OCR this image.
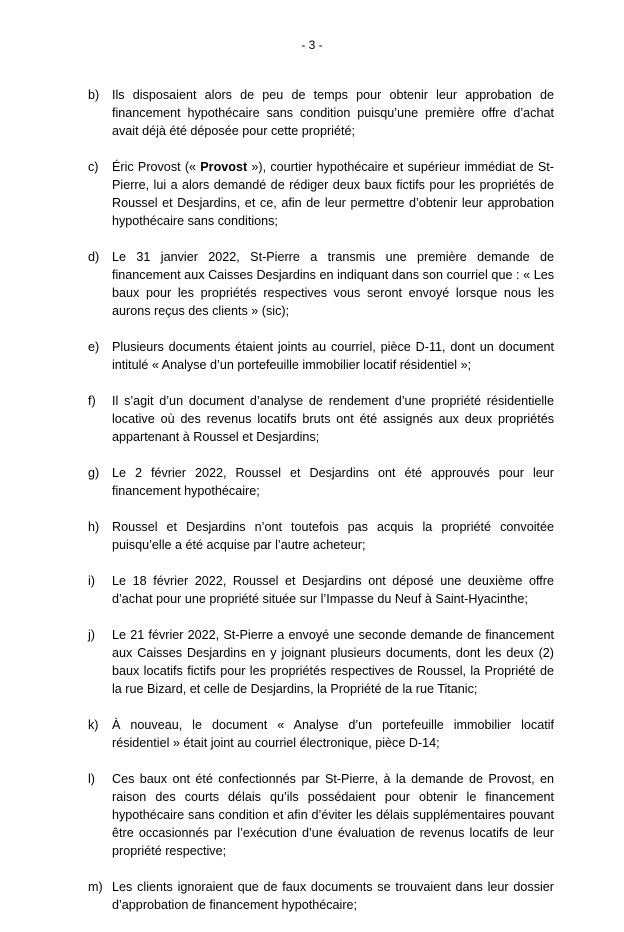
- 3 -
b)	Ils disposaient alors de peu de temps pour obtenir leur approbation de financement hypothécaire sans condition puisqu’une première offre d’achat avait déjà été déposée pour cette propriété;
c)	Éric Provost (« Provost »), courtier hypothécaire et supérieur immédiat de St-Pierre, lui a alors demandé de rédiger deux baux fictifs pour les propriétés de Roussel et Desjardins, et ce, afin de leur permettre d’obtenir leur approbation hypothécaire sans conditions;
d)	Le 31 janvier 2022, St-Pierre a transmis une première demande de financement aux Caisses Desjardins en indiquant dans son courriel que : « Les baux pour les propriétés respectives vous seront envoyé lorsque nous les aurons reçus des clients » (sic);
e)	Plusieurs documents étaient joints au courriel, pièce D-11, dont un document intitulé « Analyse d’un portefeuille immobilier locatif résidentiel »;
f)	Il s’agit d’un document d’analyse de rendement d’une propriété résidentielle locative où des revenus locatifs bruts ont été assignés aux deux propriétés appartenant à Roussel et Desjardins;
g)	Le 2 février 2022, Roussel et Desjardins ont été approuvés pour leur financement hypothécaire;
h)	Roussel et Desjardins n’ont toutefois pas acquis la propriété convoitée puisqu’elle a été acquise par l’autre acheteur;
i)	Le 18 février 2022, Roussel et Desjardins ont déposé une deuxième offre d’achat pour une propriété située sur l’Impasse du Neuf à Saint-Hyacinthe;
j)	Le 21 février 2022, St-Pierre a envoyé une seconde demande de financement aux Caisses Desjardins en y joignant plusieurs documents, dont les deux (2) baux locatifs fictifs pour les propriétés respectives de Roussel, la Propriété de la rue Bizard, et celle de Desjardins, la Propriété de la rue Titanic;
k)	À nouveau, le document « Analyse d’un portefeuille immobilier locatif résidentiel » était joint au courriel électronique, pièce D-14;
l)	Ces baux ont été confectionnés par St-Pierre, à la demande de Provost, en raison des courts délais qu’ils possédaient pour obtenir le financement hypothécaire sans condition et afin d’éviter les délais supplémentaires pouvant être occasionnés par l’exécution d’une évaluation de revenus locatifs de leur propriété respective;
m) Les clients ignoraient que de faux documents se trouvaient dans leur dossier d’approbation de financement hypothécaire;
